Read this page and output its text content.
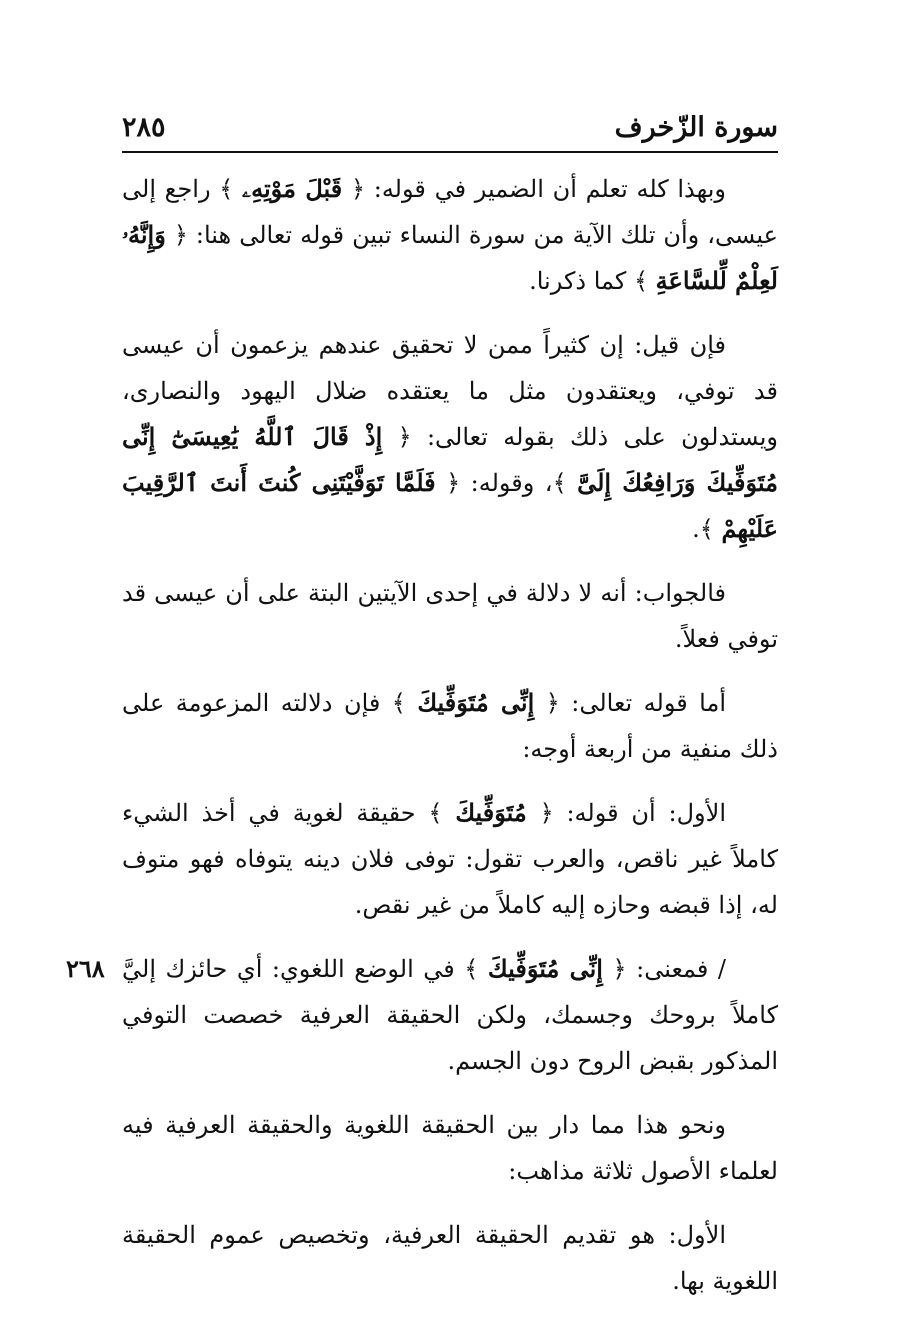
سورة الزّخرف
٢٨٥

وبهذا كله تعلم أن الضمير في قوله: ﴿ قَبْلَ مَوْتِهِۦ ﴾ راجع إلى عيسى، وأن تلك الآية من سورة النساء تبين قوله تعالى هنا: ﴿ وَإِنَّهُۥ لَعِلْمٌ لِّلسَّاعَةِ ﴾ كما ذكرنا.

فإن قيل: إن كثيراً ممن لا تحقيق عندهم يزعمون أن عيسى قد توفي، ويعتقدون مثل ما يعتقده ضلال اليهود والنصارى، ويستدلون على ذلك بقوله تعالى: ﴿ إِذْ قَالَ ٱللَّهُ يَٰعِيسَىٰٓ إِنِّى مُتَوَفِّيكَ وَرَافِعُكَ إِلَىَّ ﴾، وقوله: ﴿ فَلَمَّا تَوَفَّيْتَنِى كُنتَ أَنتَ ٱلرَّقِيبَ عَلَيْهِمْ ﴾.

فالجواب: أنه لا دلالة في إحدى الآيتين البتة على أن عيسى قد توفي فعلاً.

أما قوله تعالى: ﴿ إِنِّى مُتَوَفِّيكَ ﴾ فإن دلالته المزعومة على ذلك منفية من أربعة أوجه:

الأول: أن قوله: ﴿ مُتَوَفِّيكَ ﴾ حقيقة لغوية في أخذ الشيء كاملاً غير ناقص، والعرب تقول: توفى فلان دينه يتوفاه فهو متوف له، إذا قبضه وحازه إليه كاملاً من غير نقص.

٢٦٨	/ فمعنى: ﴿ إِنِّى مُتَوَفِّيكَ ﴾ في الوضع اللغوي: أي حائزك إليَّ كاملاً بروحك وجسمك، ولكن الحقيقة العرفية خصصت التوفي المذكور بقبض الروح دون الجسم.

ونحو هذا مما دار بين الحقيقة اللغوية والحقيقة العرفية فيه لعلماء الأصول ثلاثة مذاهب:

الأول: هو تقديم الحقيقة العرفية، وتخصيص عموم الحقيقة اللغوية بها.
